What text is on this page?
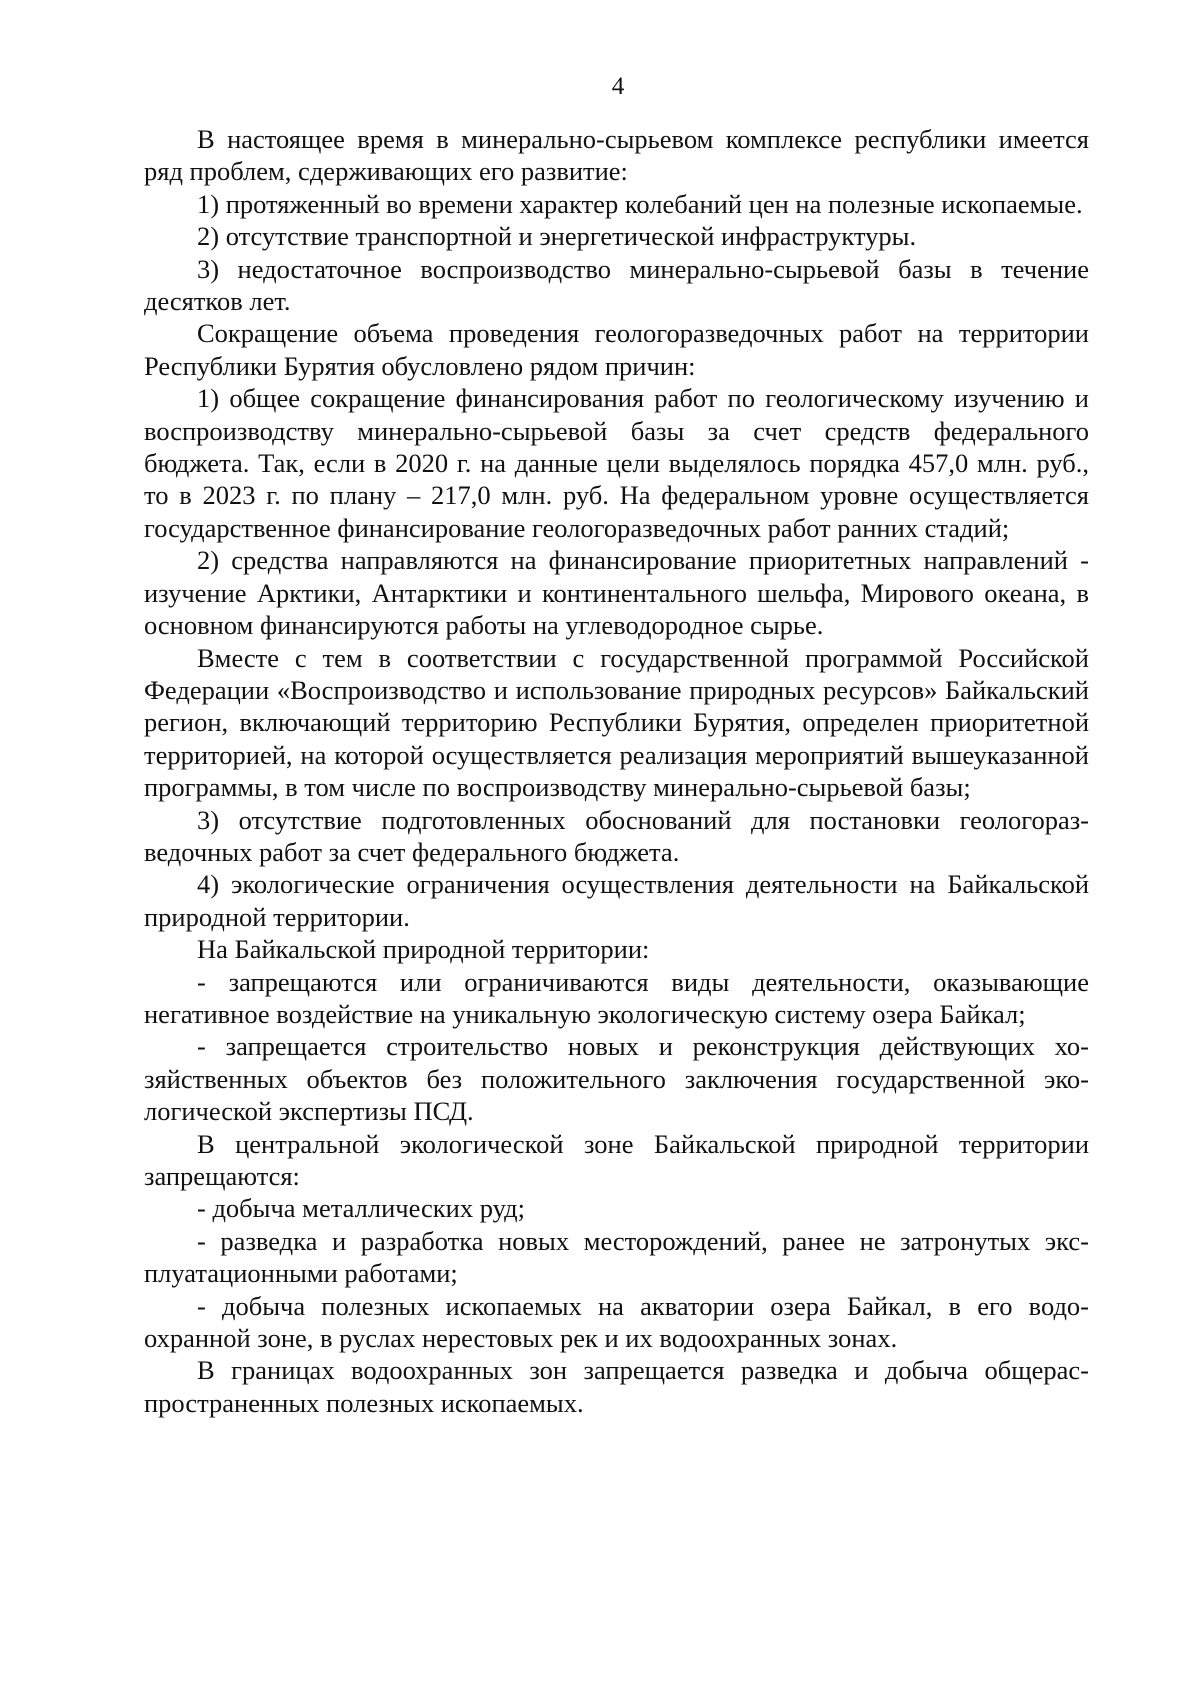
4

В настоящее время в минерально-сырьевом комплексе республики имеется ряд проблем, сдерживающих его развитие:

1) протяженный во времени характер колебаний цен на полезные ископаемые.

2) отсутствие транспортной и энергетической инфраструктуры.

3) недостаточное воспроизводство минерально-сырьевой базы в течение десятков лет.

Сокращение объема проведения геологоразведочных работ на территории Республики Бурятия обусловлено рядом причин:

1) общее сокращение финансирования работ по геологическому изучению и воспроизводству минерально-сырьевой базы за счет средств федерального бюджета. Так, если в 2020 г. на данные цели выделялось порядка 457,0 млн. руб., то в 2023 г. по плану – 217,0 млн. руб. На федеральном уровне осуществляется государственное финансирование геологоразведочных работ ранних стадий;

2) средства направляются на финансирование приоритетных направлений - изучение Арктики, Антарктики и континентального шельфа, Мирового океана, в основном финансируются работы на углеводородное сырье.

Вместе с тем в соответствии с государственной программой Российской Федерации «Воспроизводство и использование природных ресурсов» Байкальский регион, включающий территорию Республики Бурятия, определен приоритетной территорией, на которой осуществляется реализация мероприятий вышеуказанной программы, в том числе по воспроизводству минерально-сырьевой базы;

3) отсутствие подготовленных обоснований для постановки геологоразведочных работ за счет федерального бюджета.

4) экологические ограничения осуществления деятельности на Байкальской природной территории.

На Байкальской природной территории:

- запрещаются или ограничиваются виды деятельности, оказывающие негативное воздействие на уникальную экологическую систему озера Байкал;

- запрещается строительство новых и реконструкция действующих хозяйственных объектов без положительного заключения государственной экологической экспертизы ПСД.

В центральной экологической зоне Байкальской природной территории запрещаются:

- добыча металлических руд;

- разведка и разработка новых месторождений, ранее не затронутых эксплуатационными работами;

- добыча полезных ископаемых на акватории озера Байкал, в его водоохранной зоне, в руслах нерестовых рек и их водоохранных зонах.

В границах водоохранных зон запрещается разведка и добыча общераспространенных полезных ископаемых.
